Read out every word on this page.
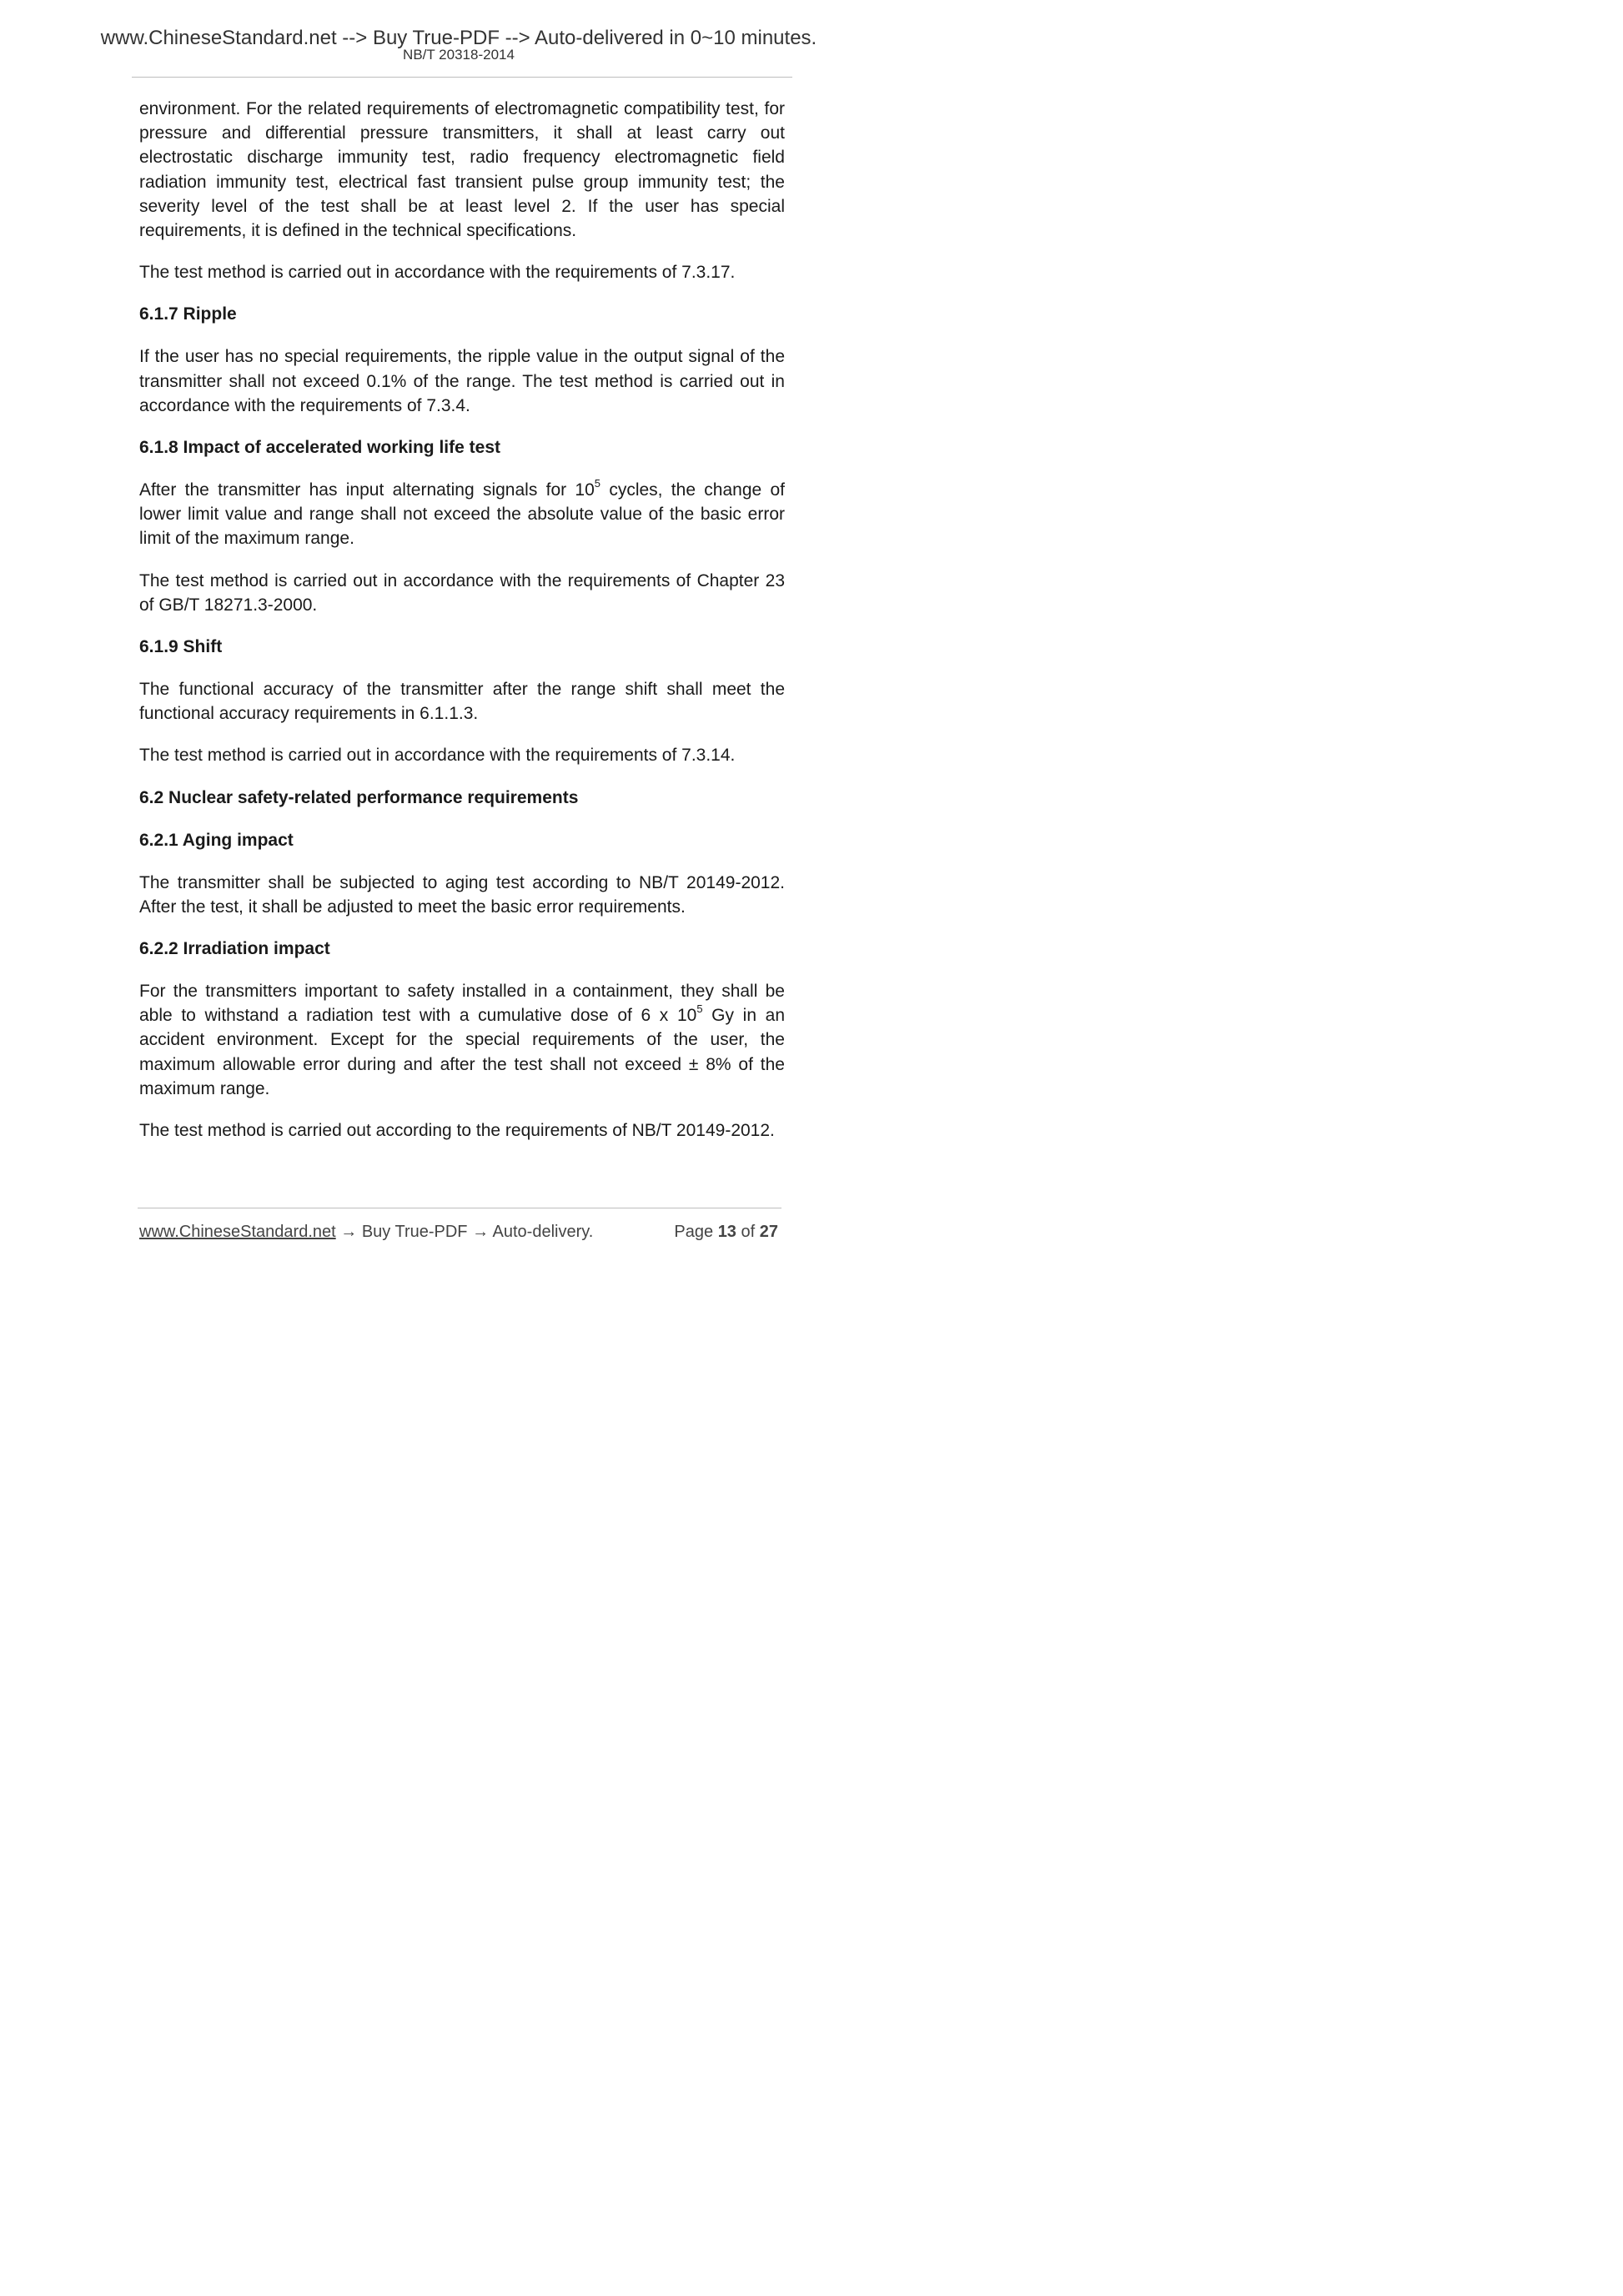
www.ChineseStandard.net --> Buy True-PDF --> Auto-delivered in 0~10 minutes.
NB/T 20318-2014

environment. For the related requirements of electromagnetic compatibility test, for pressure and differential pressure transmitters, it shall at least carry out electrostatic discharge immunity test, radio frequency electromagnetic field radiation immunity test, electrical fast transient pulse group immunity test; the severity level of the test shall be at least level 2. If the user has special requirements, it is defined in the technical specifications.

The test method is carried out in accordance with the requirements of 7.3.17.

6.1.7 Ripple

If the user has no special requirements, the ripple value in the output signal of the transmitter shall not exceed 0.1% of the range. The test method is carried out in accordance with the requirements of 7.3.4.

6.1.8 Impact of accelerated working life test

After the transmitter has input alternating signals for $10^5$ cycles, the change of lower limit value and range shall not exceed the absolute value of the basic error limit of the maximum range.

The test method is carried out in accordance with the requirements of Chapter 23 of GB/T 18271.3-2000.

6.1.9 Shift

The functional accuracy of the transmitter after the range shift shall meet the functional accuracy requirements in 6.1.1.3.

The test method is carried out in accordance with the requirements of 7.3.14.

6.2 Nuclear safety-related performance requirements

6.2.1 Aging impact

The transmitter shall be subjected to aging test according to NB/T 20149-2012. After the test, it shall be adjusted to meet the basic error requirements.

6.2.2 Irradiation impact

For the transmitters important to safety installed in a containment, they shall be able to withstand a radiation test with a cumulative dose of 6 x $10^5$ Gy in an accident environment. Except for the special requirements of the user, the maximum allowable error during and after the test shall not exceed ± 8% of the maximum range.

The test method is carried out according to the requirements of NB/T 20149-2012.

www.ChineseStandard.net → Buy True-PDF → Auto-delivery.	Page 13 of 27
